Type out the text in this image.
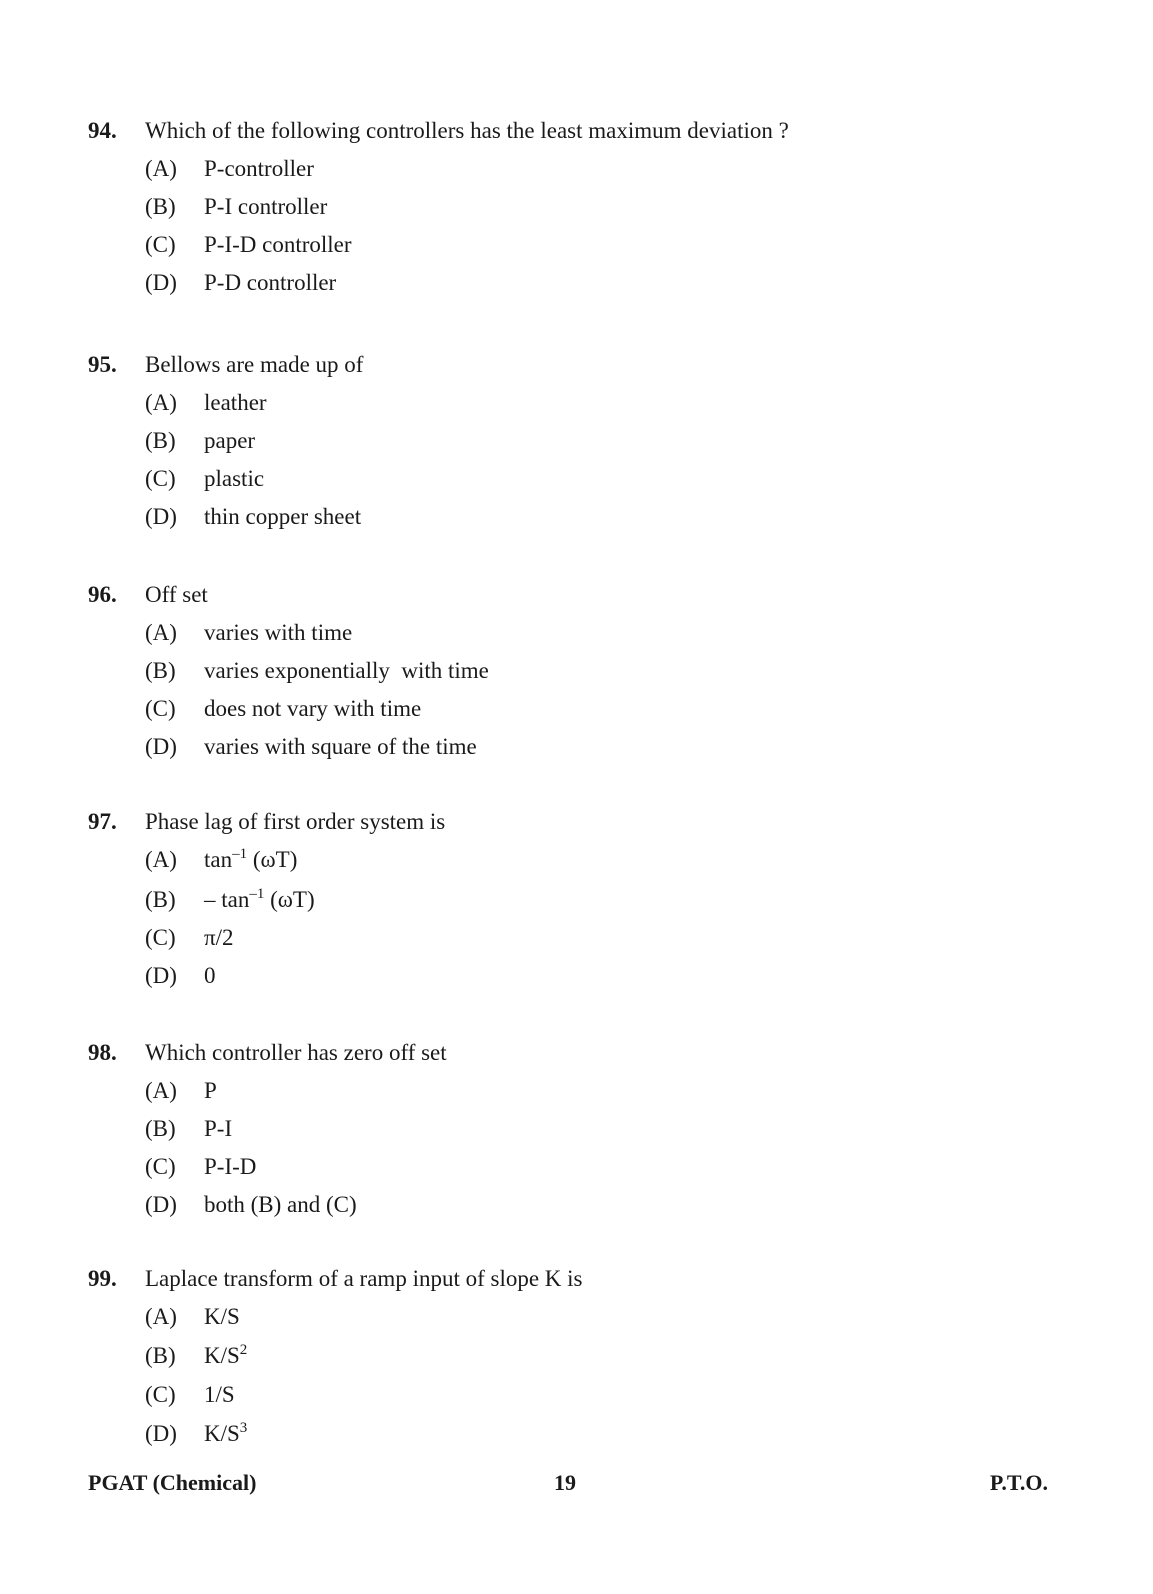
94.	Which of the following controllers has the least maximum deviation ?
(A)	P-controller
(B)	P-I controller
(C)	P-I-D controller
(D)	P-D controller
95.	Bellows are made up of
(A)	leather
(B)	paper
(C)	plastic
(D)	thin copper sheet
96.	Off set
(A)	varies with time
(B)	varies exponentially  with time
(C)	does not vary with time
(D)	varies with square of the time
97.	Phase lag of first order system is
(A)	$\tan^{-1} (\omega T)$
(B)	– $\tan^{-1} (\omega T)$
(C)	π/2
(D)	0
98.	Which controller has zero off set
(A)	P
(B)	P-I
(C)	P-I-D
(D)	both (B) and (C)
99.	Laplace transform of a ramp input of slope K is
(A)	K/S
(B)	$K/S^2$
(C)	1/S
(D)	$K/S^3$
PGAT (Chemical)	19	P.T.O.
